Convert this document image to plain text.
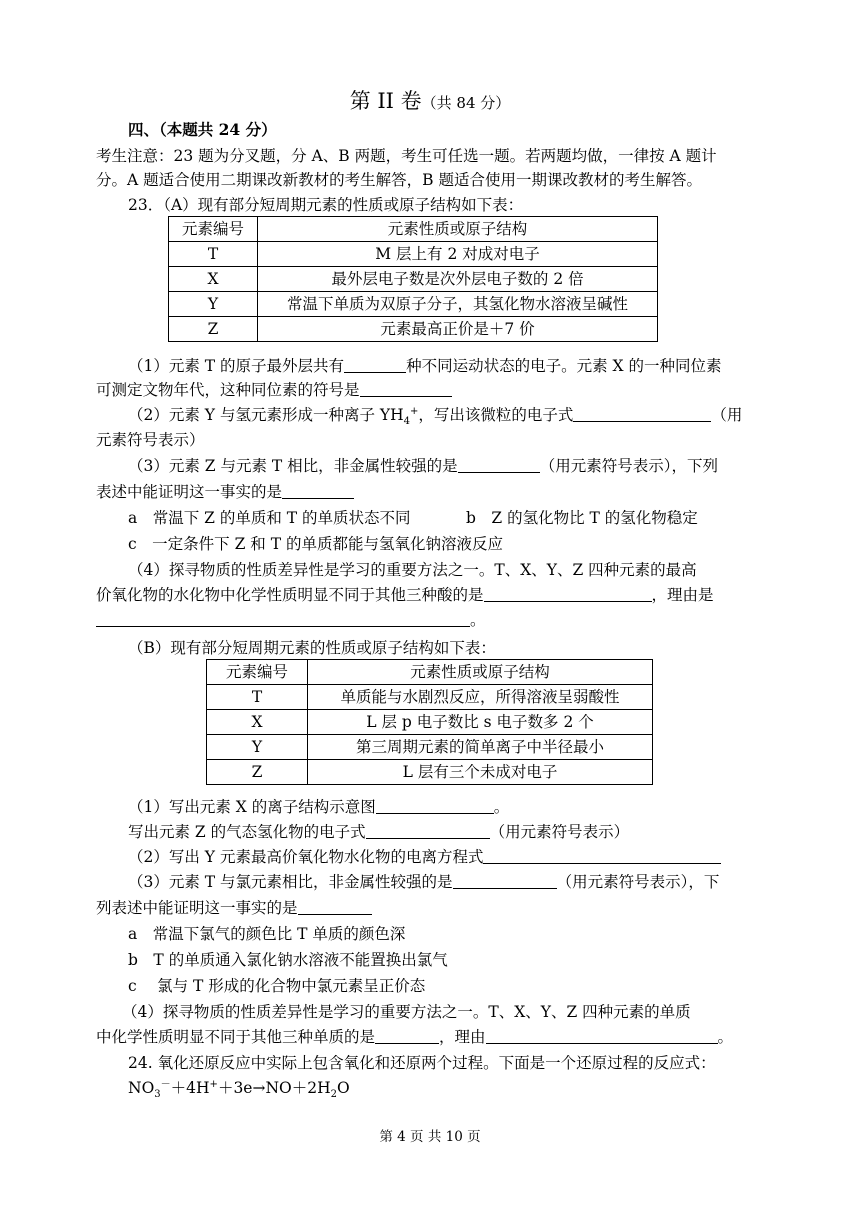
第 II 卷（共 84 分）
四、（本题共 24 分）
考生注意：23 题为分叉题，分 A、B 两题，考生可任选一题。若两题均做，一律按 A 题计
分。A 题适合使用二期课改新教材的考生解答，B 题适合使用一期课改教材的考生解答。
23．（A）现有部分短周期元素的性质或原子结构如下表：
元素编号	元素性质或原子结构
T	M 层上有 2 对成对电子
X	最外层电子数是次外层电子数的 2 倍
Y	常温下单质为双原子分子，其氢化物水溶液呈碱性
Z	元素最高正价是＋7 价
（1）元素 T 的原子最外层共有	种不同运动状态的电子。元素 X 的一种同位素
可测定文物年代，这种同位素的符号是
（2）元素 Y 与氢元素形成一种离子 $YH_4^+$，写出该微粒的电子式	（用
元素符号表示）
（3）元素 Z 与元素 T 相比，非金属性较强的是	（用元素符号表示），下列
表述中能证明这一事实的是
a　常温下 Z 的单质和 T 的单质状态不同	b　Z 的氢化物比 T 的氢化物稳定
c　一定条件下 Z 和 T 的单质都能与氢氧化钠溶液反应
（4）探寻物质的性质差异性是学习的重要方法之一。T、X、Y、Z 四种元素的最高
价氧化物的水化物中化学性质明显不同于其他三种酸的是	，理由是
。
（B）现有部分短周期元素的性质或原子结构如下表：
元素编号	元素性质或原子结构
T	单质能与水剧烈反应，所得溶液呈弱酸性
X	L 层 p 电子数比 s 电子数多 2 个
Y	第三周期元素的简单离子中半径最小
Z	L 层有三个未成对电子
（1）写出元素 X 的离子结构示意图	。
写出元素 Z 的气态氢化物的电子式	（用元素符号表示）
（2）写出 Y 元素最高价氧化物水化物的电离方程式
（3）元素 T 与氯元素相比，非金属性较强的是	（用元素符号表示），下
列表述中能证明这一事实的是
a　常温下氯气的颜色比 T 单质的颜色深
b　T 的单质通入氯化钠水溶液不能置换出氯气
c　 氯与 T 形成的化合物中氯元素呈正价态
（4）探寻物质的性质差异性是学习的重要方法之一。T、X、Y、Z 四种元素的单质
中化学性质明显不同于其他三种单质的是	，理由	。
24. 氧化还原反应中实际上包含氧化和还原两个过程。下面是一个还原过程的反应式：
$NO_3^-+4H^++3e\to NO+2H_2O$
第 4 页 共 10 页
